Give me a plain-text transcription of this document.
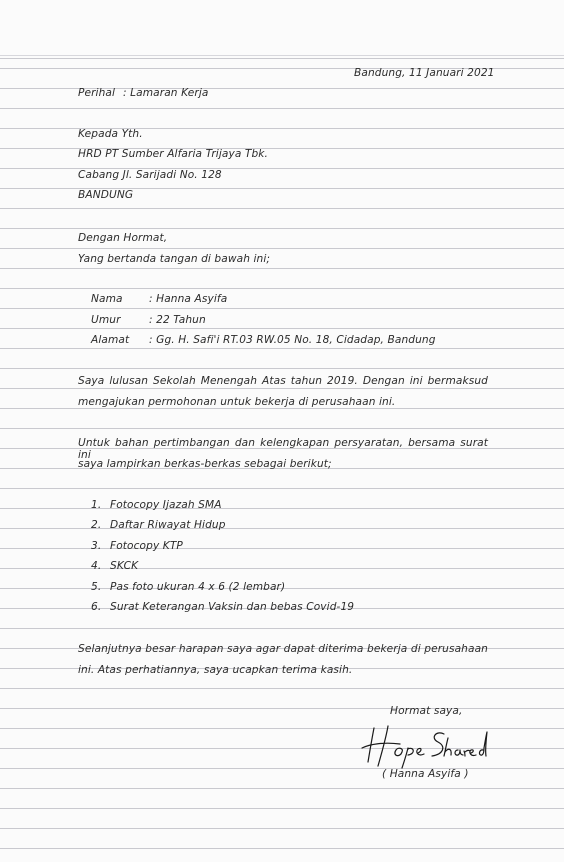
Bandung, 11 Januari 2021

Perihal : Lamaran Kerja

Kepada Yth.

HRD PT Sumber Alfaria Trijaya Tbk.

Cabang Jl. Sarijadi No. 128

BANDUNG

Dengan Hormat,

Yang bertanda tangan di bawah ini;

Nama : Hanna Asyifa

Umur	: 22 Tahun

Alamat : Gg. H. Safi'i RT.03 RW.05 No. 18, Cidadap, Bandung

Saya lulusan Sekolah Menengah Atas tahun 2019. Dengan ini bermaksud

mengajukan permohonan untuk bekerja di perusahaan ini.

Untuk bahan pertimbangan dan kelengkapan persyaratan, bersama surat ini

saya lampirkan berkas-berkas sebagai berikut;

1. Fotocopy Ijazah SMA

2. Daftar Riwayat Hidup

3. Fotocopy KTP

4. SKCK

5. Pas foto ukuran 4 x 6 (2 lembar)

6. Surat Keterangan Vaksin dan bebas Covid-19

Selanjutnya besar harapan saya agar dapat diterima bekerja di perusahaan

ini. Atas perhatiannya, saya ucapkan terima kasih.

Hormat saya,

( Hanna Asyifa )
